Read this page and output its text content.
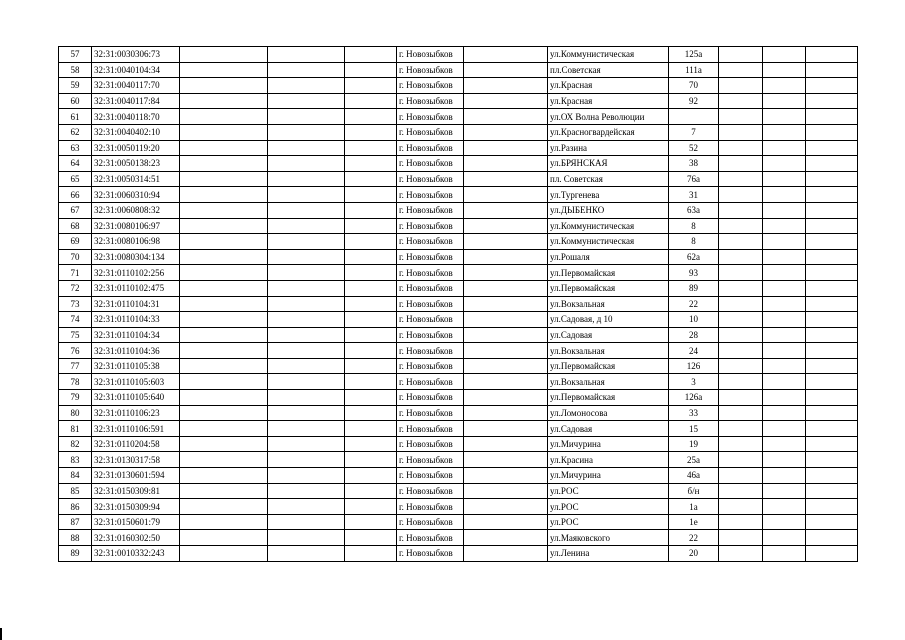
57	32:31:0030306:73				г. Новозыбков		ул.Коммунистическая	125а			
58	32:31:0040104:34				г. Новозыбков		пл.Советская	111а			
59	32:31:0040117:70				г. Новозыбков		ул.Красная	70			
60	32:31:0040117:84				г. Новозыбков		ул.Красная	92			
61	32:31:0040118:70				г. Новозыбков		ул.ОХ Волна Революции				
62	32:31:0040402:10				г. Новозыбков		ул.Красногвардейская	7			
63	32:31:0050119:20				г. Новозыбков		ул.Разина	52			
64	32:31:0050138:23				г. Новозыбков		ул.БРЯНСКАЯ	38			
65	32:31:0050314:51				г. Новозыбков		пл. Советская	76а			
66	32:31:0060310:94				г. Новозыбков		ул.Тургенева	31			
67	32:31:0060808:32				г. Новозыбков		ул.ДЫБЕНКО	63а			
68	32:31:0080106:97				г. Новозыбков		ул.Коммунистическая	8			
69	32:31:0080106:98				г. Новозыбков		ул.Коммунистическая	8			
70	32:31:0080304:134				г. Новозыбков		ул.Рошаля	62а			
71	32:31:0110102:256				г. Новозыбков		ул.Первомайская	93			
72	32:31:0110102:475				г. Новозыбков		ул.Первомайская	89			
73	32:31:0110104:31				г. Новозыбков		ул.Вокзальная	22			
74	32:31:0110104:33				г. Новозыбков		ул.Садовая, д 10	10			
75	32:31:0110104:34				г. Новозыбков		ул.Садовая	28			
76	32:31:0110104:36				г. Новозыбков		ул.Вокзальная	24			
77	32:31:0110105:38				г. Новозыбков		ул.Первомайская	126			
78	32:31:0110105:603				г. Новозыбков		ул.Вокзальная	3			
79	32:31:0110105:640				г. Новозыбков		ул.Первомайская	126а			
80	32:31:0110106:23				г. Новозыбков		ул.Ломоносова	33			
81	32:31:0110106:591				г. Новозыбков		ул.Садовая	15			
82	32:31:0110204:58				г. Новозыбков		ул.Мичурина	19			
83	32:31:0130317:58				г. Новозыбков		ул.Красина	25а			
84	32:31:0130601:594				г. Новозыбков		ул.Мичурина	46а			
85	32:31:0150309:81				г. Новозыбков		ул.РОС	б/н			
86	32:31:0150309:94				г. Новозыбков		ул.РОС	1а			
87	32:31:0150601:79				г. Новозыбков		ул.РОС	1е			
88	32:31:0160302:50				г. Новозыбков		ул.Маяковского	22			
89	32:31:0010332:243				г. Новозыбков		ул.Ленина	20			
